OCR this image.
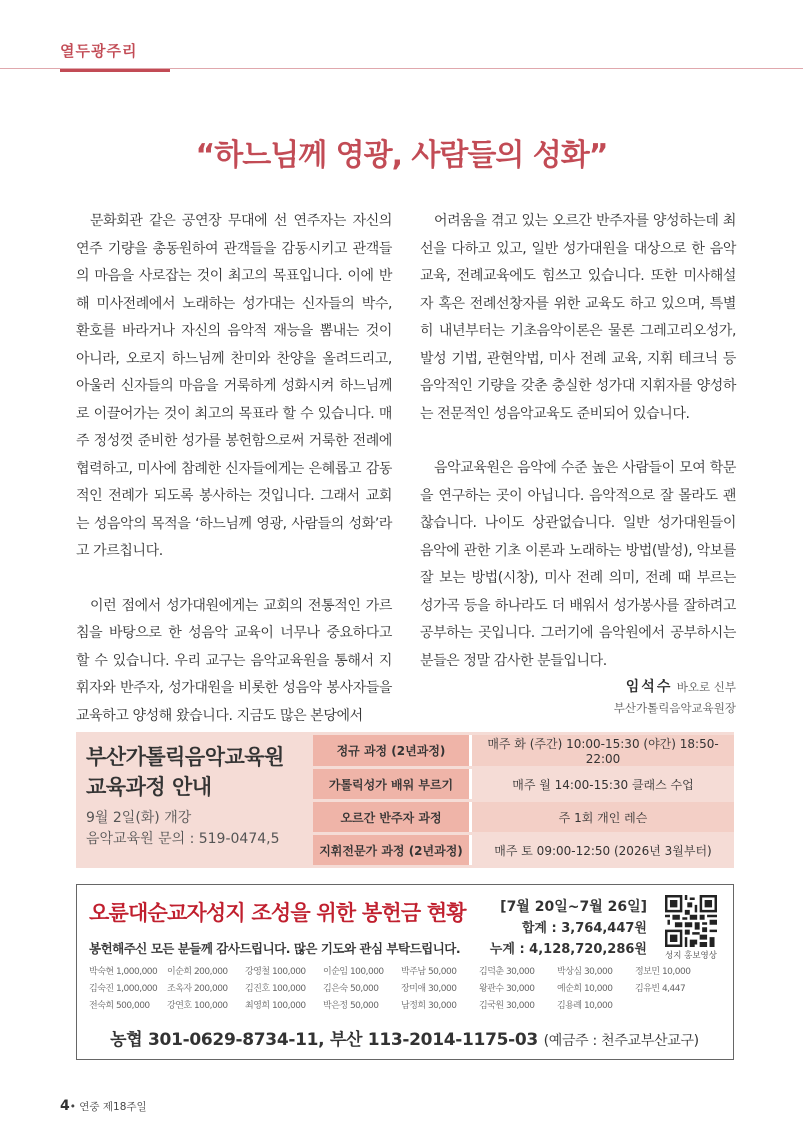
열두광주리
“하느님께 영광, 사람들의 성화”

문화회관 같은 공연장 무대에 선 연주자는 자신의 연주 기량을 총동원하여 관객들을 감동시키고 관객들의 마음을 사로잡는 것이 최고의 목표입니다. 이에 반해 미사전례에서 노래하는 성가대는 신자들의 박수, 환호를 바라거나 자신의 음악적 재능을 뽐내는 것이 아니라, 오로지 하느님께 찬미와 찬양을 올려드리고, 아울러 신자들의 마음을 거룩하게 성화시켜 하느님께로 이끌어가는 것이 최고의 목표라 할 수 있습니다. 매주 정성껏 준비한 성가를 봉헌함으로써 거룩한 전례에 협력하고, 미사에 참례한 신자들에게는 은혜롭고 감동적인 전례가 되도록 봉사하는 것입니다. 그래서 교회는 성음악의 목적을 ‘하느님께 영광, 사람들의 성화’라고 가르칩니다.

이런 점에서 성가대원에게는 교회의 전통적인 가르침을 바탕으로 한 성음악 교육이 너무나 중요하다고 할 수 있습니다. 우리 교구는 음악교육원을 통해서 지휘자와 반주자, 성가대원을 비롯한 성음악 봉사자들을 교육하고 양성해 왔습니다. 지금도 많은 본당에서

어려움을 겪고 있는 오르간 반주자를 양성하는데 최선을 다하고 있고, 일반 성가대원을 대상으로 한 음악교육, 전례교육에도 힘쓰고 있습니다. 또한 미사해설자 혹은 전례선창자를 위한 교육도 하고 있으며, 특별히 내년부터는 기초음악이론은 물론 그레고리오성가, 발성 기법, 관현악법, 미사 전례 교육, 지휘 테크닉 등 음악적인 기량을 갖춘 충실한 성가대 지휘자를 양성하는 전문적인 성음악교육도 준비되어 있습니다.

음악교육원은 음악에 수준 높은 사람들이 모여 학문을 연구하는 곳이 아닙니다. 음악적으로 잘 몰라도 괜찮습니다. 나이도 상관없습니다. 일반 성가대원들이 음악에 관한 기초 이론과 노래하는 방법(발성), 악보를 잘 보는 방법(시창), 미사 전례 의미, 전례 때 부르는 성가곡 등을 하나라도 더 배워서 성가봉사를 잘하려고 공부하는 곳입니다. 그러기에 음악원에서 공부하시는 분들은 정말 감사한 분들입니다.

임석수 바오로 신부
부산가톨릭음악교육원장
부산가톨릭음악교육원
교육과정 안내
9월 2일(화) 개강
음악교육원 문의 : 519-0474,5
정규 과정 (2년과정)	매주 화 (주간) 10:00-15:30 (야간) 18:50-22:00
가톨릭성가 배워 부르기	매주 월 14:00-15:30 클래스 수업
오르간 반주자 과정	주 1회 개인 레슨
지휘전문가 과정 (2년과정)	매주 토 09:00-12:50 (2026년 3월부터)
오륜대순교자성지 조성을 위한 봉헌금 현황
봉헌해주신 모든 분들께 감사드립니다. 많은 기도와 관심 부탁드립니다.
[7월 20일~7월 26일]
합계 : 3,764,447원
누계 : 4,128,720,286원	성지 홍보영상
박숙현 1,000,000	이순희 200,000	강영철 100,000	이순임 100,000	박주남 50,000	김덕춘 30,000	박상심 30,000	정보민 10,000
김숙진 1,000,000	조옥자 200,000	김진호 100,000	김은숙 50,000	장미애 30,000	왕관수 30,000	예순희 10,000	김유빈 4,447
전숙희 500,000	강연호 100,000	최영희 100,000	박은정 50,000	남정희 30,000	김국원 30,000	김용례 10,000
농협 301-0629-8734-11, 부산 113-2014-1175-03 (예금주 : 천주교부산교구)
4• 연중 제18주일
